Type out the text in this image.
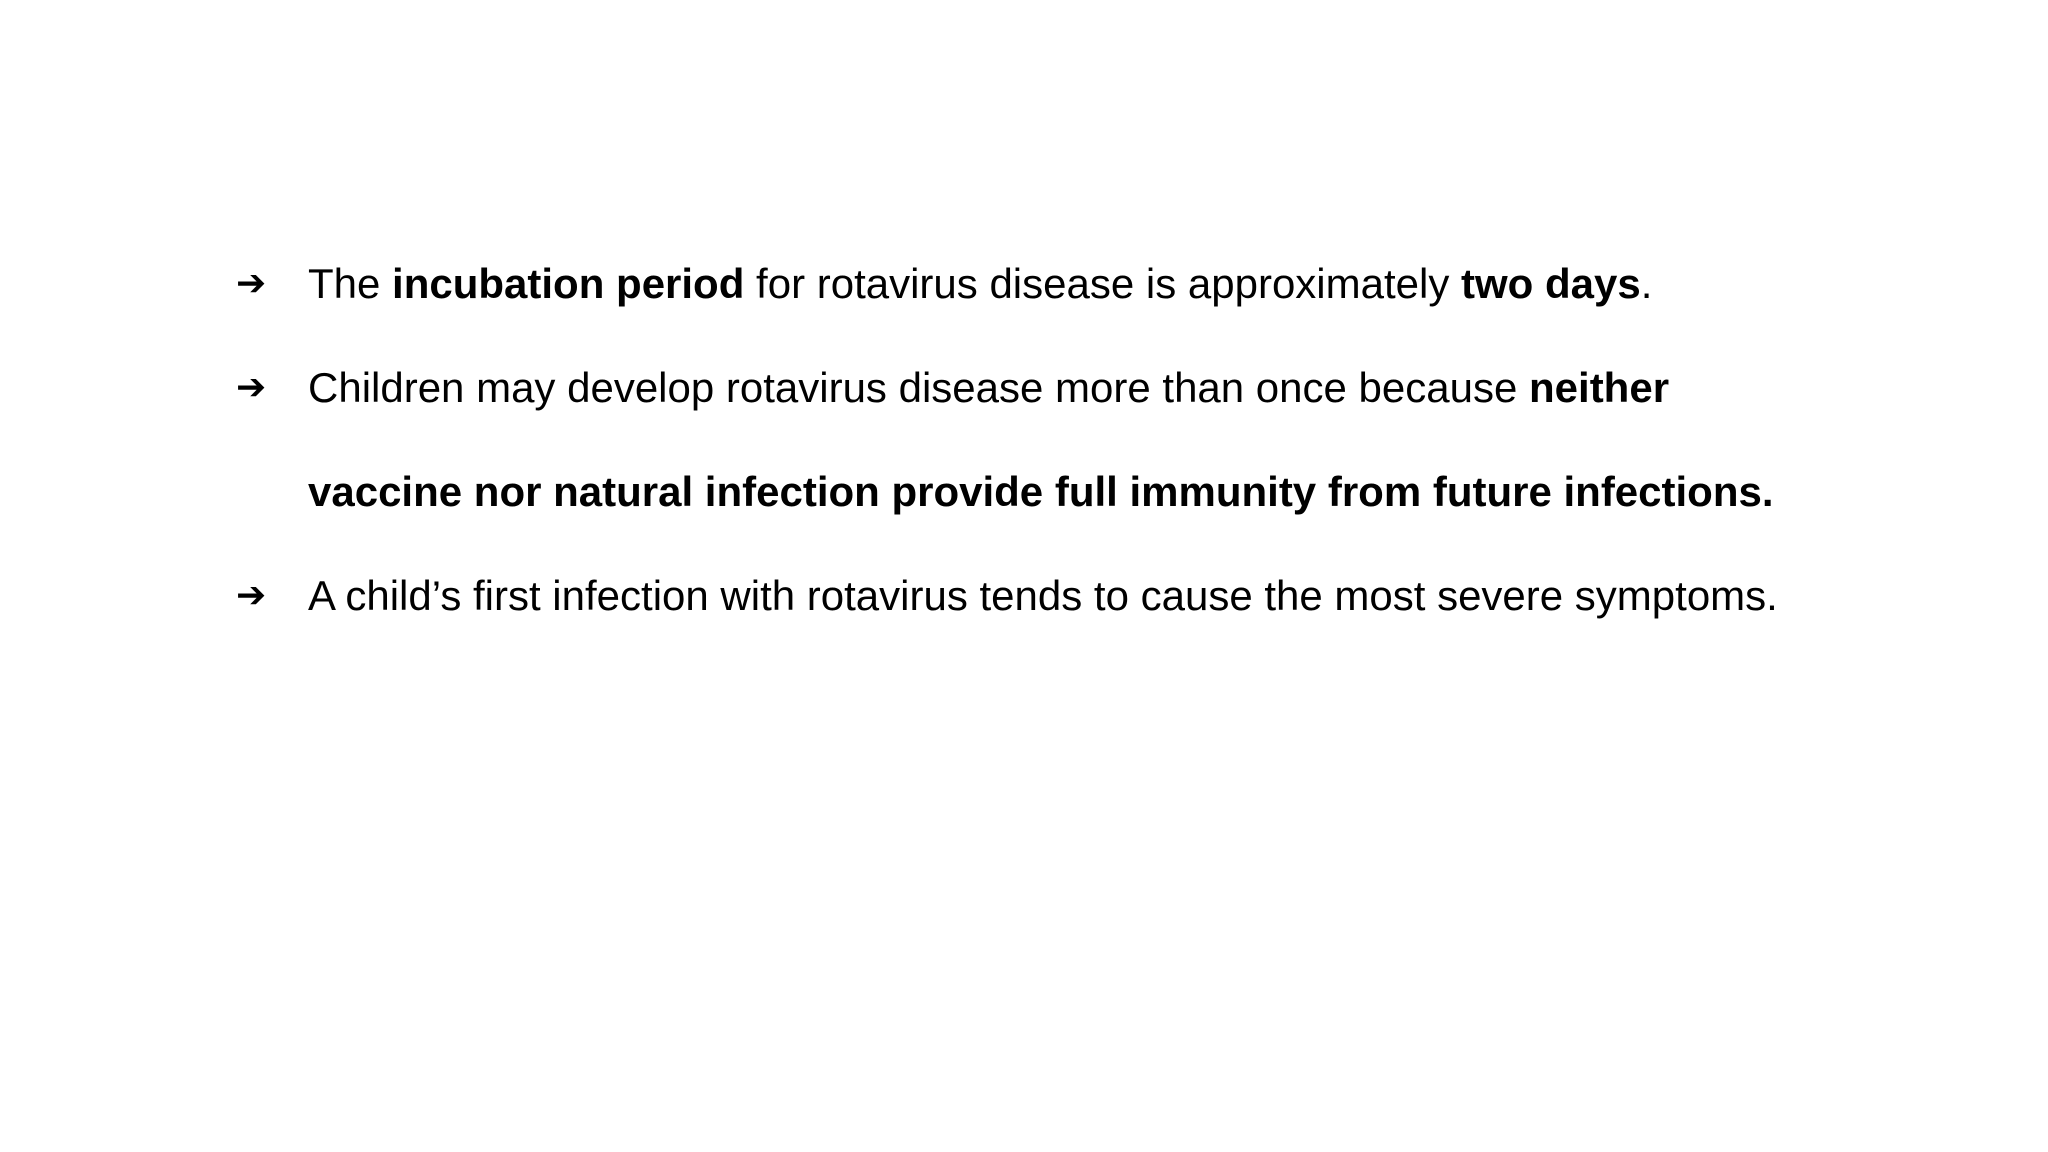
➔ The incubation period for rotavirus disease is approximately two days.
➔ Children may develop rotavirus disease more than once because neither
vaccine nor natural infection provide full immunity from future infections.
➔ A child’s first infection with rotavirus tends to cause the most severe symptoms.
